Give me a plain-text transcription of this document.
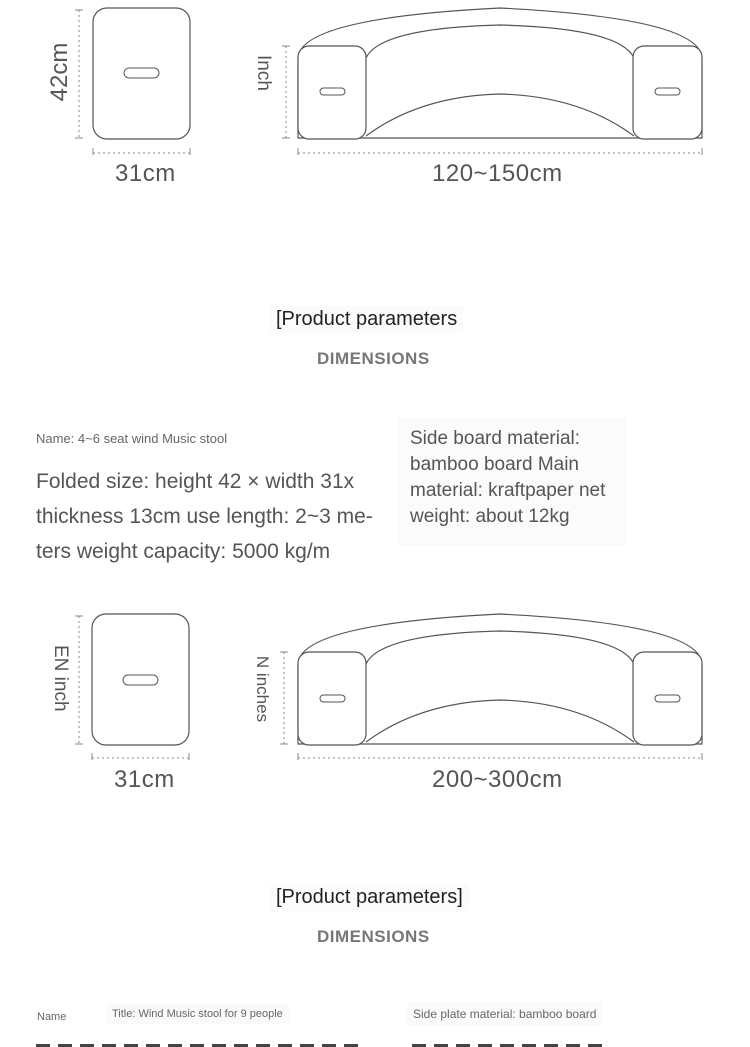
42cm
31cm
Inch
120~150cm
[Product parameters
DIMENSIONS
Name: 4~6 seat wind Music stool
Folded size: height 42 × width 31x thickness 13cm use length: 2~3 me-ters weight capacity: 5000 kg/m
Side board material: bamboo board Main material: kraftpaper net weight: about 12kg
EN inch
31cm
N inches
200~300cm
[Product parameters]
DIMENSIONS
Name	Title: Wind Music stool for 9 people	Side plate material: bamboo board
